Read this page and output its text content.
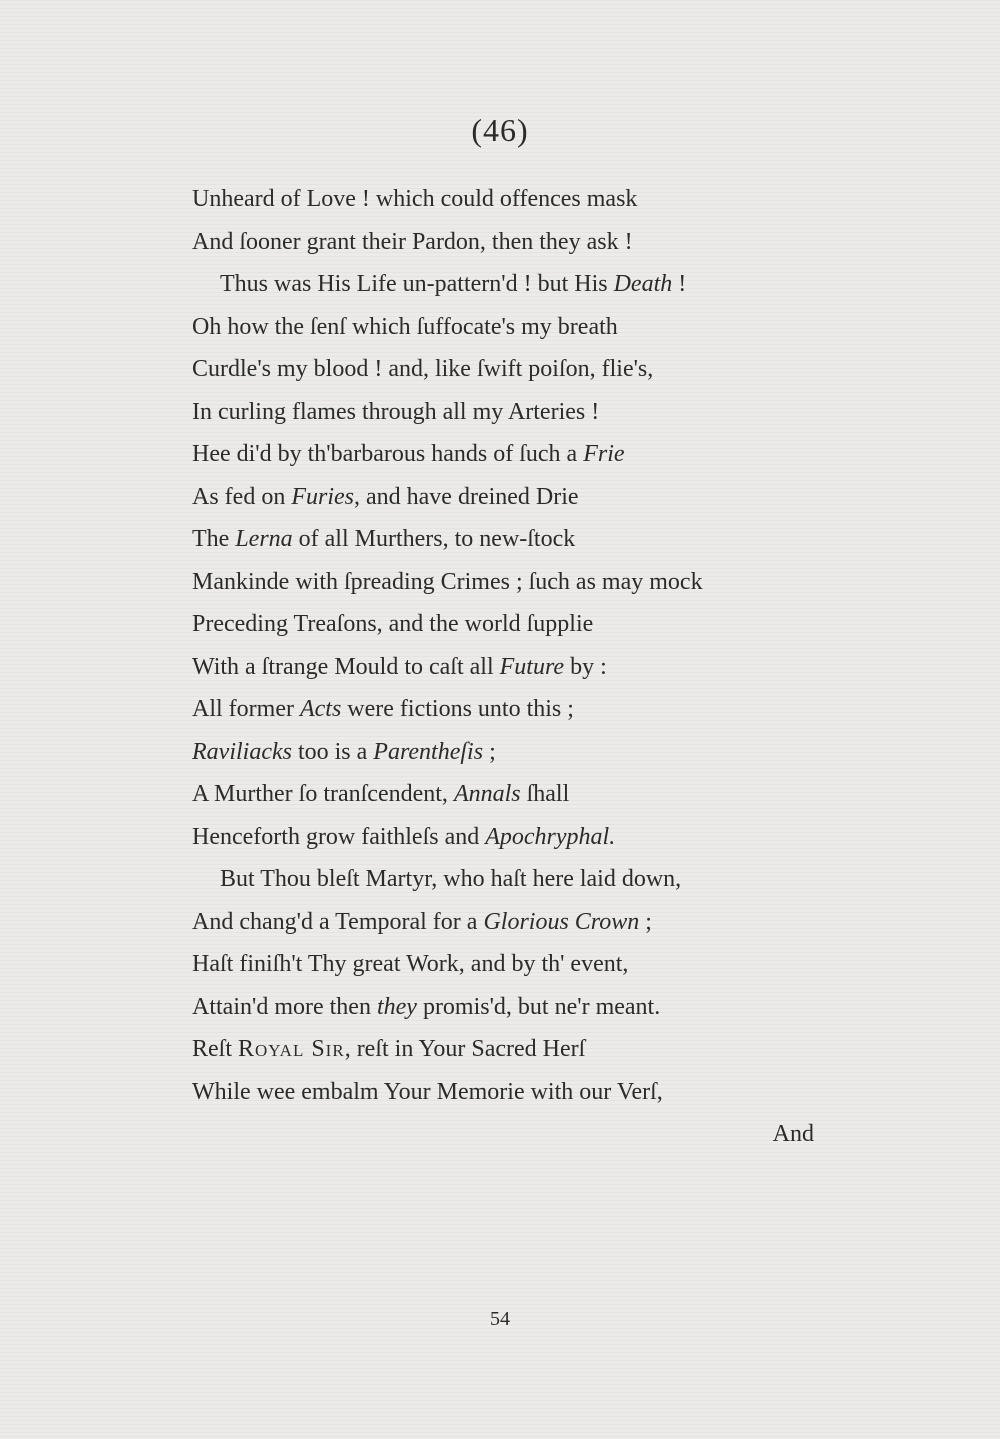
(46)
Unheard of Love ! which could offences mask
And ſooner grant their Pardon, then they ask !
Thus was His Life un-pattern'd ! but His Death !
Oh how the ſenſ which ſuffocate's my breath
Curdle's my blood ! and, like ſwift poiſon, flie's,
In curling flames through all my Arteries !
Hee di'd by th'barbarous hands of ſuch a Frie
As fed on Furies, and have dreined Drie
The Lerna of all Murthers, to new-ſtock
Mankinde with ſpreading Crimes ; ſuch as may mock
Preceding Treaſons, and the world ſupplie
With a ſtrange Mould to caſt all Future by :
All former Acts were fictions unto this ;
Raviliacks too is a Parentheſis ;
A Murther ſo tranſcendent, Annals ſhall
Henceforth grow faithleſs and Apochryphal.
But Thou bleſt Martyr, who haſt here laid down,
And chang'd a Temporal for a Glorious Crown ;
Haſt finiſh't Thy great Work, and by th' event,
Attain'd more then they promis'd, but ne'r meant.
Reſt Royal Sir, reſt in Your Sacred Herſ
While wee embalm Your Memorie with our Verſ,
And
54
